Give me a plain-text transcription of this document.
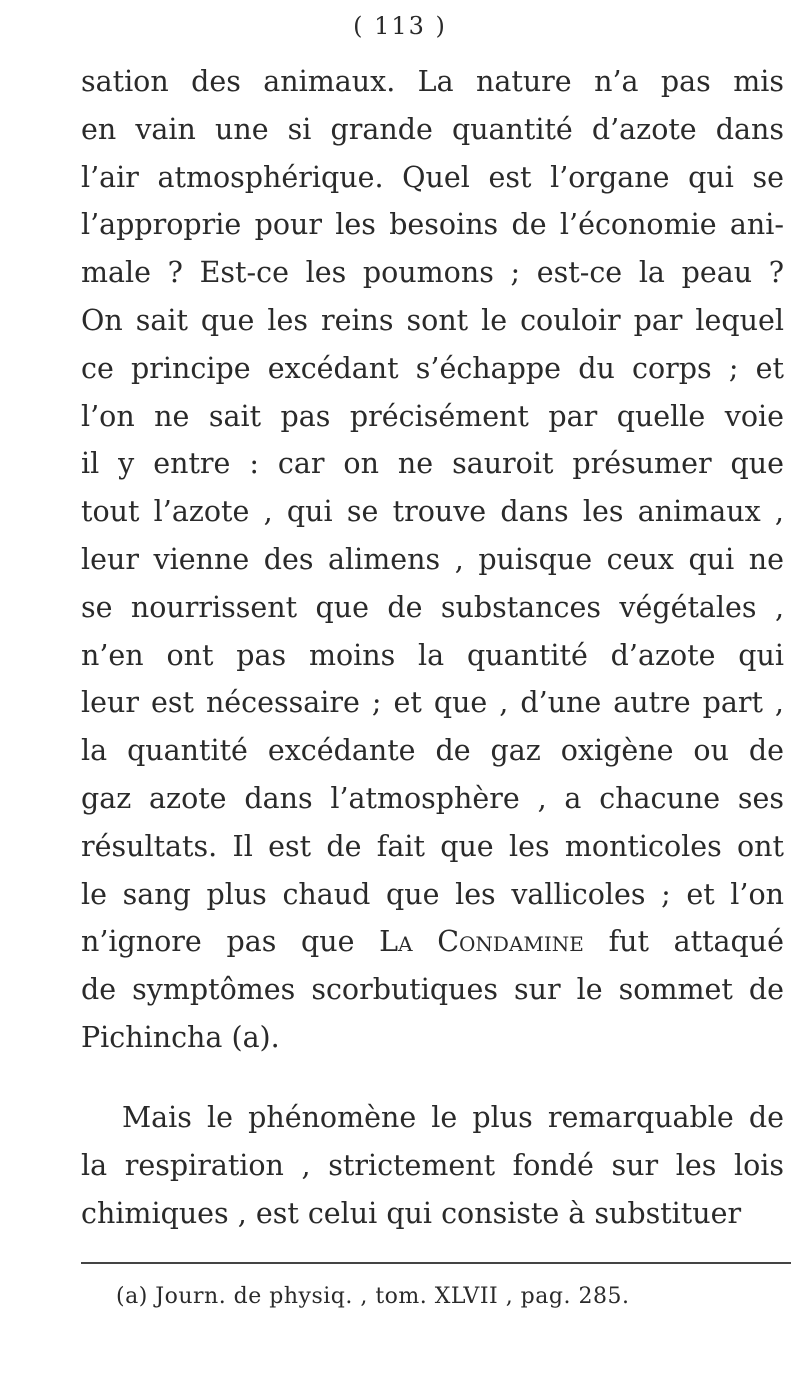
( 113 )
sation des animaux. La nature n’a pas mis
en vain une si grande quantité d’azote dans
l’air atmosphérique. Quel est l’organe qui se
l’approprie pour les besoins de l’économie ani-
male ? Est-ce les poumons ; est-ce la peau ?
On sait que les reins sont le couloir par lequel
ce principe excédant s’échappe du corps ; et
l’on ne sait pas précisément par quelle voie
il y entre : car on ne sauroit présumer que
tout l’azote , qui se trouve dans les animaux ,
leur vienne des alimens , puisque ceux qui ne
se nourrissent que de substances végétales ,
n’en ont pas moins la quantité d’azote qui
leur est nécessaire ; et que , d’une autre part ,
la quantité excédante de gaz oxigène ou de
gaz azote dans l’atmosphère , a chacune ses
résultats. Il est de fait que les monticoles ont
le sang plus chaud que les vallicoles ; et l’on
n’ignore pas que La Condamine fut attaqué
de symptômes scorbutiques sur le sommet de
Pichincha (a).
Mais le phénomène le plus remarquable de
(a) Journ. de physiq. , tom. XLVII , pag. 285.
la respiration , strictement fondé sur les lois
chimiques , est celui qui consiste à substituer
